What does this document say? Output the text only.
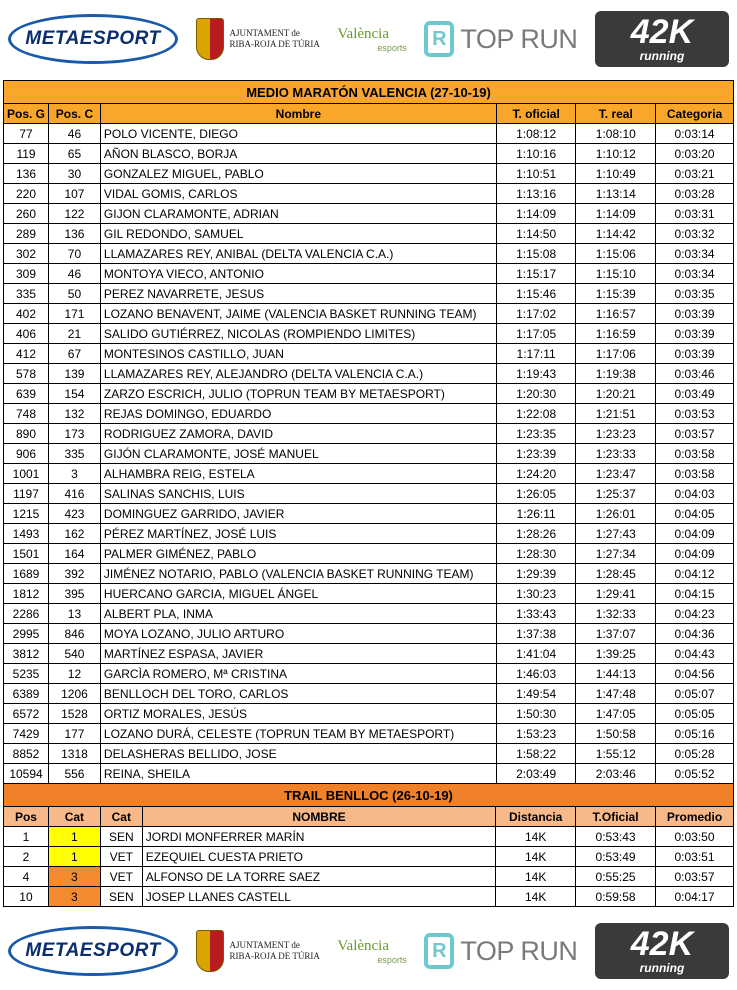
METAESPORT	AJUNTAMENT de
RIBA-ROJA DE TÚRIA
València
esports	R TOP RUN 42K
running
MEDIO MARATÓN VALENCIA (27-10-19)					
Pos. G	Pos. C	Nombre	T. oficial	T. real	Categoria
77	46	POLO VICENTE, DIEGO	1:08:12	1:08:10	0:03:14
119	65	AÑON BLASCO, BORJA	1:10:16	1:10:12	0:03:20
136	30	GONZALEZ MIGUEL, PABLO	1:10:51	1:10:49	0:03:21
220	107	VIDAL GOMIS, CARLOS	1:13:16	1:13:14	0:03:28
260	122	GIJON CLARAMONTE, ADRIAN	1:14:09	1:14:09	0:03:31
289	136	GIL REDONDO, SAMUEL	1:14:50	1:14:42	0:03:32
302	70	LLAMAZARES REY, ANIBAL (DELTA VALENCIA C.A.)	1:15:08	1:15:06	0:03:34
309	46	MONTOYA VIECO, ANTONIO	1:15:17	1:15:10	0:03:34
335	50	PEREZ NAVARRETE, JESUS	1:15:46	1:15:39	0:03:35
402	171	LOZANO BENAVENT, JAIME (VALENCIA BASKET RUNNING TEAM)	1:17:02	1:16:57	0:03:39
406	21	SALIDO GUTIÉRREZ, NICOLAS (ROMPIENDO LIMITES)	1:17:05	1:16:59	0:03:39
412	67	MONTESINOS CASTILLO, JUAN	1:17:11	1:17:06	0:03:39
578	139	LLAMAZARES REY, ALEJANDRO (DELTA VALENCIA C.A.)	1:19:43	1:19:38	0:03:46
639	154	ZARZO ESCRICH, JULIO (TOPRUN TEAM BY METAESPORT)	1:20:30	1:20:21	0:03:49
748	132	REJAS DOMINGO, EDUARDO	1:22:08	1:21:51	0:03:53
890	173	RODRIGUEZ ZAMORA, DAVID	1:23:35	1:23:23	0:03:57
906	335	GIJÓN CLARAMONTE, JOSÉ MANUEL	1:23:39	1:23:33	0:03:58
1001	3	ALHAMBRA REIG, ESTELA	1:24:20	1:23:47	0:03:58
1197	416	SALINAS SANCHIS, LUIS	1:26:05	1:25:37	0:04:03
1215	423	DOMINGUEZ GARRIDO, JAVIER	1:26:11	1:26:01	0:04:05
1493	162	PÉREZ MARTÍNEZ, JOSÉ LUIS	1:28:26	1:27:43	0:04:09
1501	164	PALMER GIMÉNEZ, PABLO	1:28:30	1:27:34	0:04:09
1689	392	JIMÉNEZ NOTARIO, PABLO (VALENCIA BASKET RUNNING TEAM)	1:29:39	1:28:45	0:04:12
1812	395	HUERCANO GARCIA, MIGUEL ÁNGEL	1:30:23	1:29:41	0:04:15
2286	13	ALBERT PLA, INMA	1:33:43	1:32:33	0:04:23
2995	846	MOYA LOZANO, JULIO ARTURO	1:37:38	1:37:07	0:04:36
3812	540	MARTÍNEZ ESPASA, JAVIER	1:41:04	1:39:25	0:04:43
5235	12	GARCÌA ROMERO, Mª CRISTINA	1:46:03	1:44:13	0:04:56
6389	1206	BENLLOCH DEL TORO, CARLOS	1:49:54	1:47:48	0:05:07
6572	1528	ORTIZ MORALES, JESÚS	1:50:30	1:47:05	0:05:05
7429	177	LOZANO DURÁ, CELESTE (TOPRUN TEAM BY METAESPORT)	1:53:23	1:50:58	0:05:16
8852	1318	DELASHERAS BELLIDO, JOSE	1:58:22	1:55:12	0:05:28
10594	556	REINA, SHEILA	2:03:49	2:03:46	0:05:52
TRAIL BENLLOC (26-10-19)						
Pos	Cat	Cat	NOMBRE	Distancia	T.Oficial	Promedio
1	1	SEN	JORDI MONFERRER MARÍN	14K	0:53:43	0:03:50
2	1	VET	EZEQUIEL CUESTA PRIETO	14K	0:53:49	0:03:51
4	3	VET	ALFONSO DE LA TORRE SAEZ	14K	0:55:25	0:03:57
10	3	SEN	JOSEP LLANES CASTELL	14K	0:59:58	0:04:17
METAESPORT	AJUNTAMENT de
RIBA-ROJA DE TÚRIA
València
esports	R TOP RUN 42K
running
